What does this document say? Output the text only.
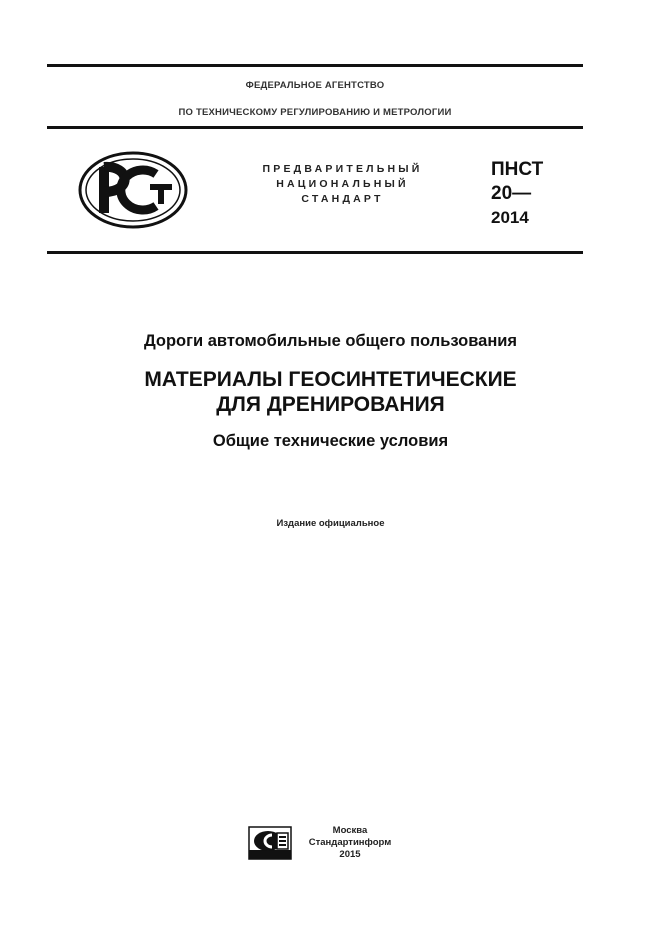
ФЕДЕРАЛЬНОЕ АГЕНТСТВО
ПО ТЕХНИЧЕСКОМУ РЕГУЛИРОВАНИЮ И МЕТРОЛОГИИ
ПРЕДВАРИТЕЛЬНЫЙ
НАЦИОНАЛЬНЫЙ
СТАНДАРТ
ПНСТ
20—
2014
Дороги автомобильные общего пользования
МАТЕРИАЛЫ ГЕОСИНТЕТИЧЕСКИЕ
ДЛЯ ДРЕНИРОВАНИЯ
Общие технические условия
Издание официальное
Москва
Стандартинформ
2015
